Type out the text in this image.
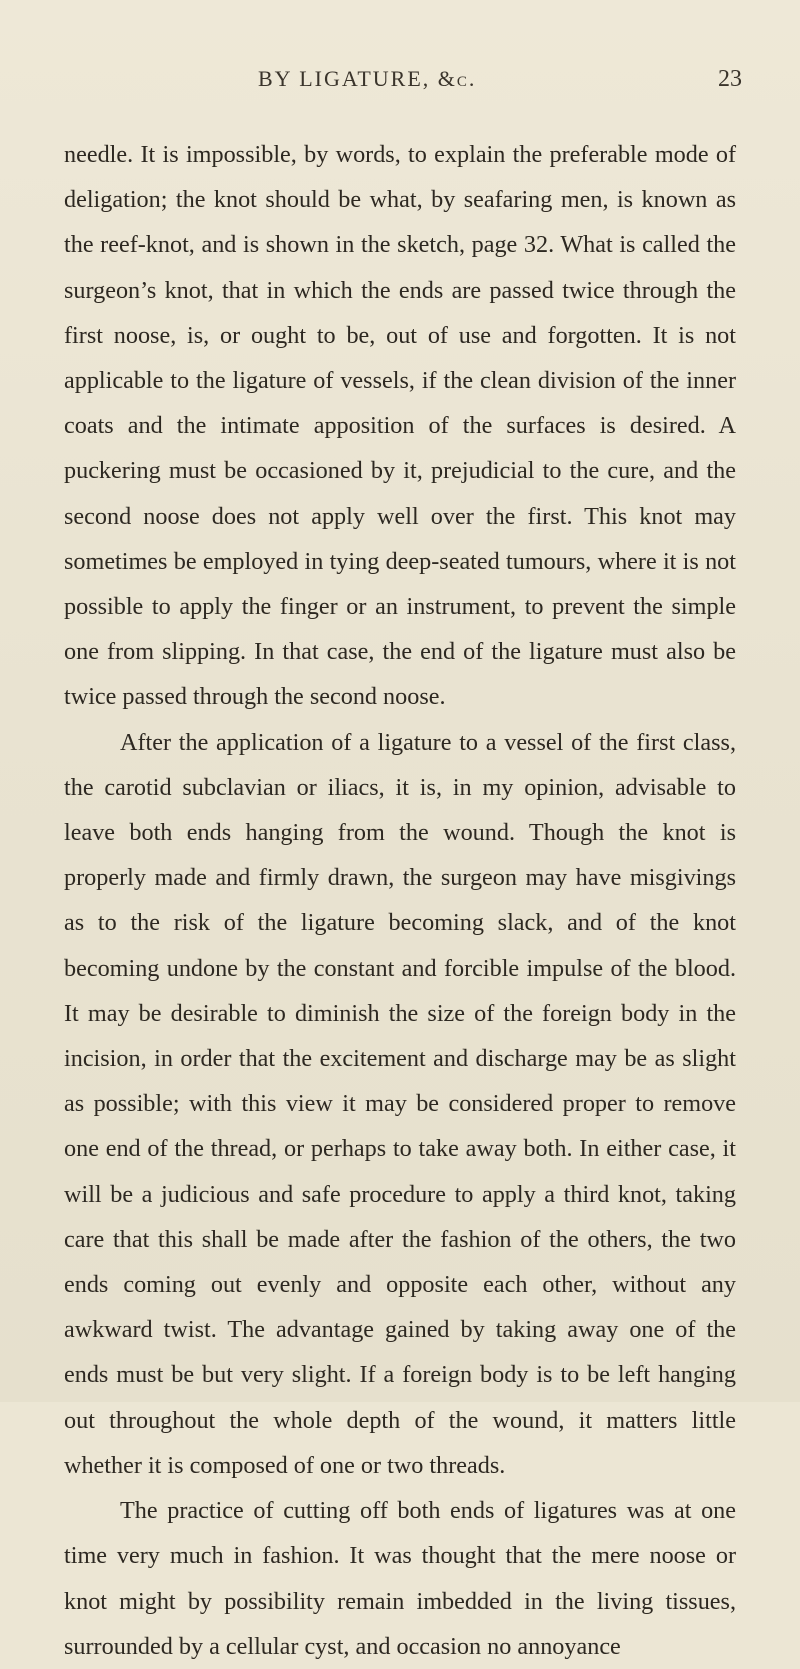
BY LIGATURE, &c.	23

needle. It is impossible, by words, to explain the preferable mode of deligation; the knot should be what, by seafaring men, is known as the reef-knot, and is shown in the sketch, page 32. What is called the surgeon’s knot, that in which the ends are passed twice through the first noose, is, or ought to be, out of use and forgotten. It is not applicable to the ligature of vessels, if the clean division of the inner coats and the intimate apposition of the surfaces is desired. A puckering must be occasioned by it, prejudicial to the cure, and the second noose does not apply well over the first. This knot may sometimes be employed in tying deep-seated tumours, where it is not possible to apply the finger or an instrument, to prevent the simple one from slipping. In that case, the end of the ligature must also be twice passed through the second noose.

After the application of a ligature to a vessel of the first class, the carotid subclavian or iliacs, it is, in my opinion, advisable to leave both ends hanging from the wound. Though the knot is properly made and firmly drawn, the surgeon may have misgivings as to the risk of the ligature becoming slack, and of the knot becoming undone by the constant and forcible impulse of the blood. It may be desirable to diminish the size of the foreign body in the incision, in order that the excitement and discharge may be as slight as possible; with this view it may be considered proper to remove one end of the thread, or perhaps to take away both. In either case, it will be a judicious and safe procedure to apply a third knot, taking care that this shall be made after the fashion of the others, the two ends coming out evenly and opposite each other, without any awkward twist. The advantage gained by taking away one of the ends must be but very slight. If a foreign body is to be left hanging out throughout the whole depth of the wound, it matters little whether it is composed of one or two threads.

The practice of cutting off both ends of ligatures was at one time very much in fashion. It was thought that the mere noose or knot might by possibility remain imbedded in the living tissues, surrounded by a cellular cyst, and occasion no annoyance
